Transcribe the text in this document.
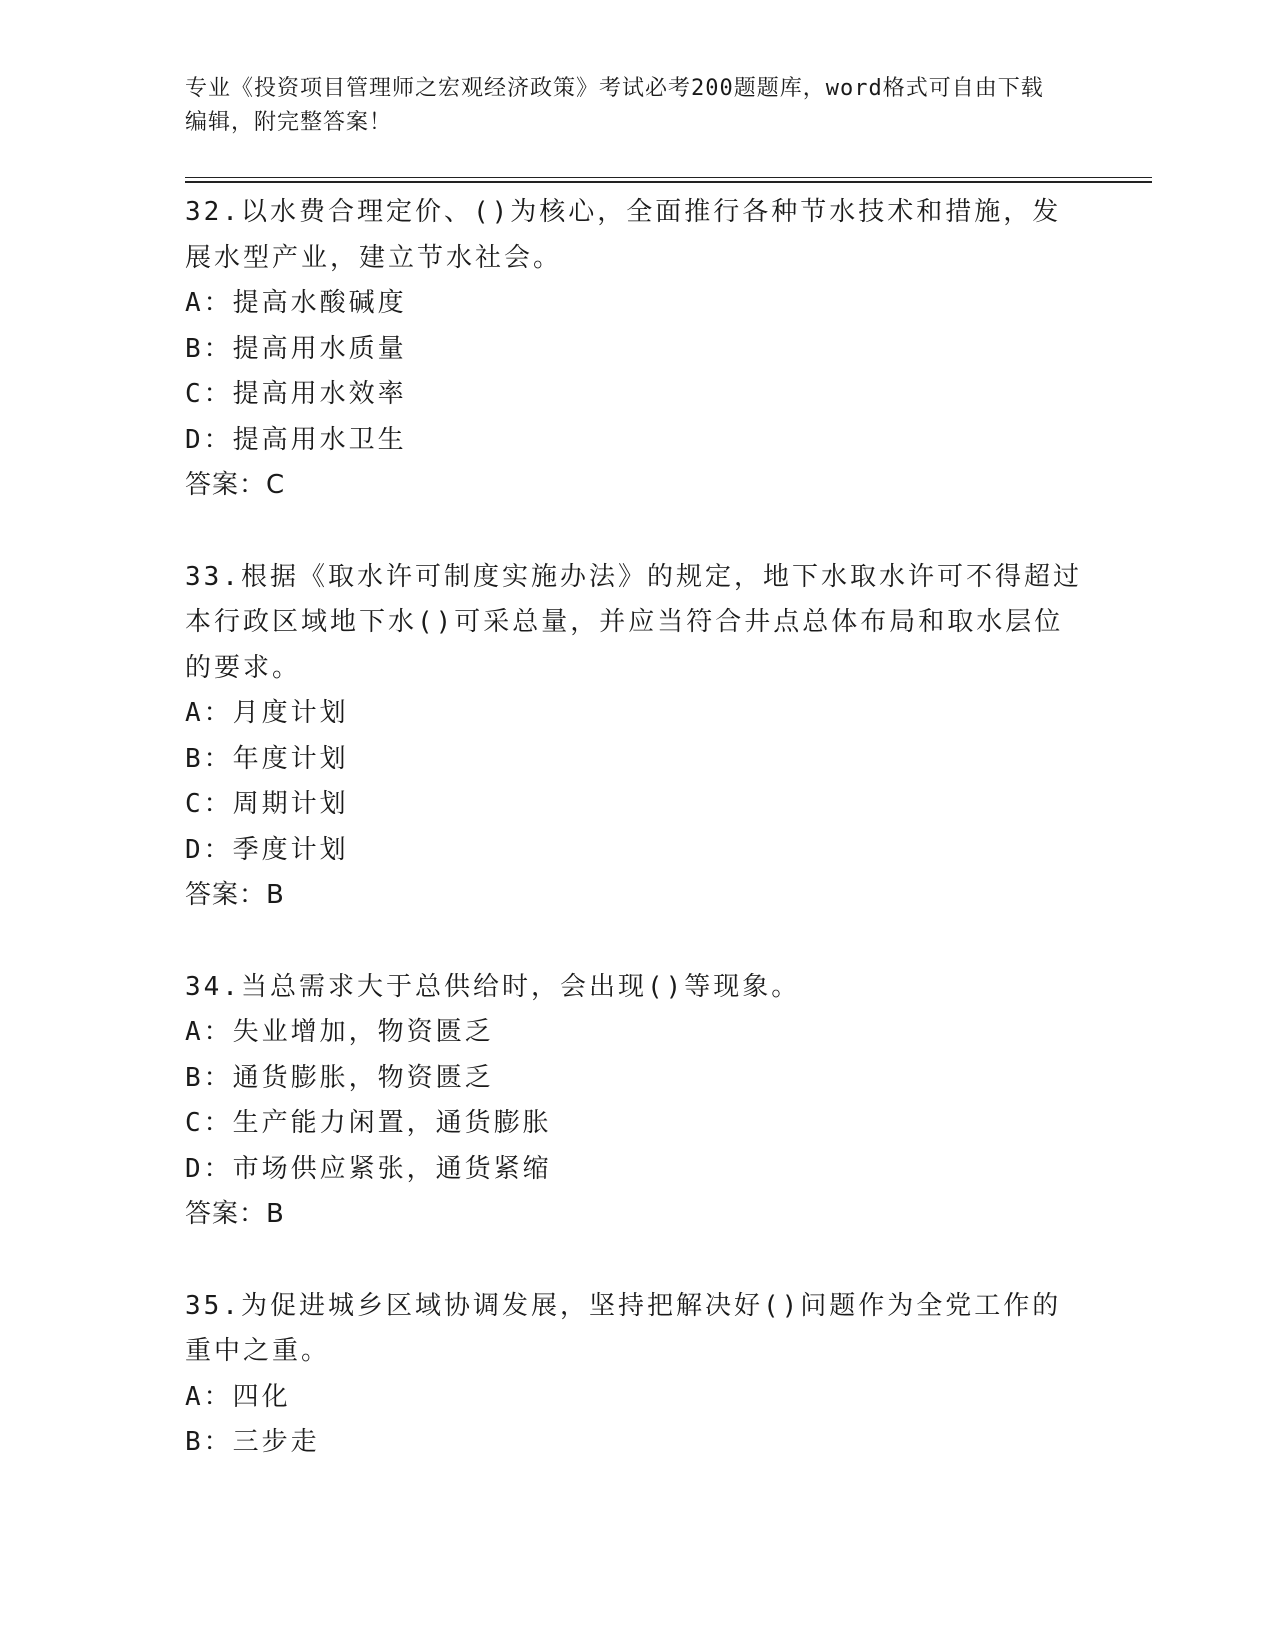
专业《投资项目管理师之宏观经济政策》考试必考200题题库，word格式可自由下载编辑，附完整答案！

32.以水费合理定价、()为核心，全面推行各种节水技术和措施，发展水型产业，建立节水社会。

A：提高水酸碱度

B：提高用水质量

C：提高用水效率

D：提高用水卫生

答案：C

33.根据《取水许可制度实施办法》的规定，地下水取水许可不得超过本行政区域地下水()可采总量，并应当符合井点总体布局和取水层位的要求。

A：月度计划

B：年度计划

C：周期计划

D：季度计划

答案：B

34.当总需求大于总供给时，会出现()等现象。

A：失业增加，物资匮乏

B：通货膨胀，物资匮乏

C：生产能力闲置，通货膨胀

D：市场供应紧张，通货紧缩

答案：B

35.为促进城乡区域协调发展，坚持把解决好()问题作为全党工作的重中之重。

A：四化

B：三步走
